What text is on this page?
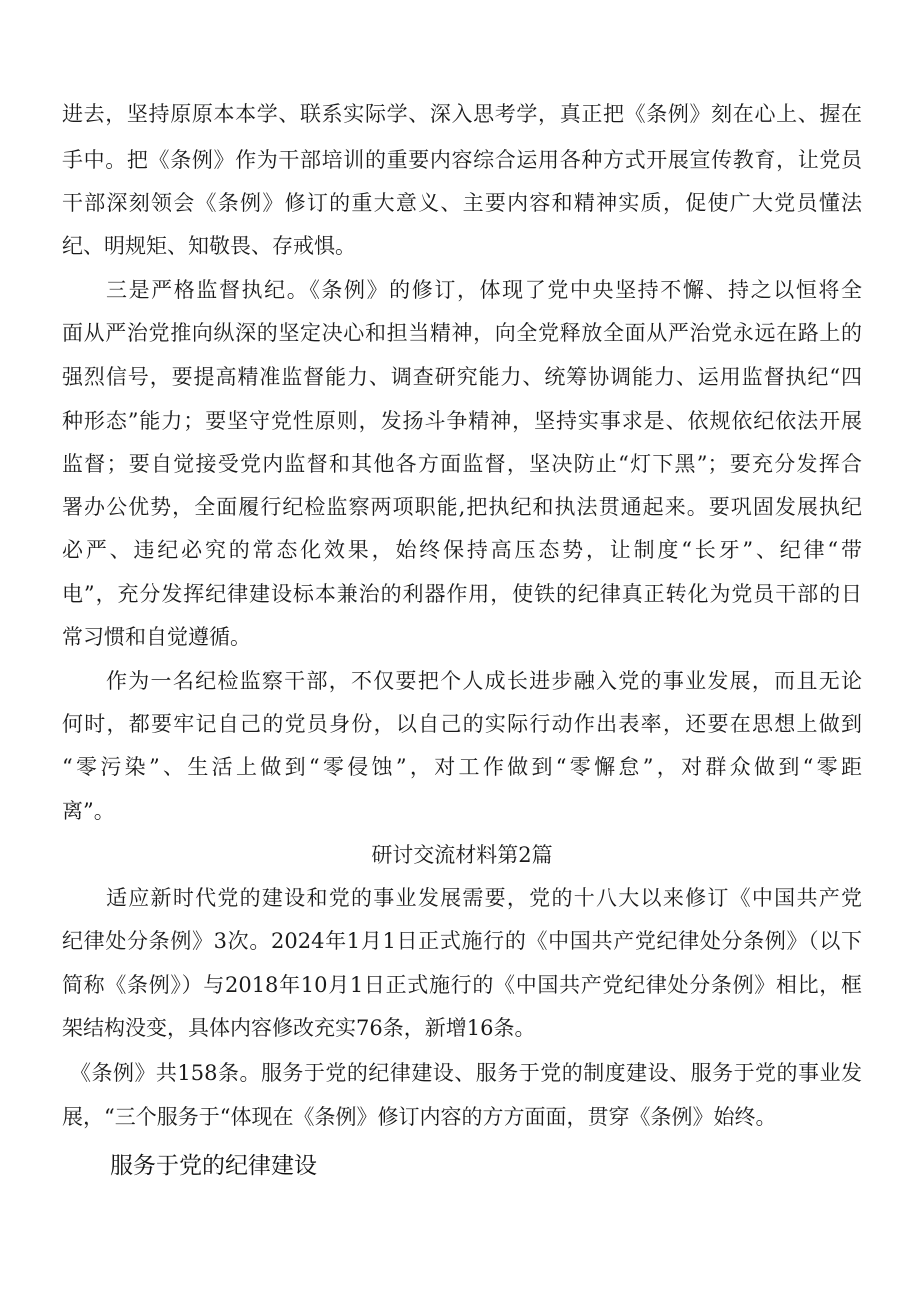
进去，坚持原原本本学、联系实际学、深入思考学，真正把《条例》刻在心上、握在
手中。把《条例》作为干部培训的重要内容综合运用各种方式开展宣传教育，让党员
干部深刻领会《条例》修订的重大意义、主要内容和精神实质，促使广大党员懂法
纪、明规矩、知敬畏、存戒惧。
三是严格监督执纪。《条例》的修订，体现了党中央坚持不懈、持之以恒将全
面从严治党推向纵深的坚定决心和担当精神，向全党释放全面从严治党永远在路上的
强烈信号，要提高精准监督能力、调查研究能力、统筹协调能力、运用监督执纪“四
种形态”能力；要坚守党性原则，发扬斗争精神，坚持实事求是、依规依纪依法开展
监督；要自觉接受党内监督和其他各方面监督，坚决防止“灯下黑”；要充分发挥合
署办公优势，全面履行纪检监察两项职能,把执纪和执法贯通起来。要巩固发展执纪
必严、违纪必究的常态化效果，始终保持高压态势，让制度“长牙”、纪律“带
电”，充分发挥纪律建设标本兼治的利器作用，使铁的纪律真正转化为党员干部的日
常习惯和自觉遵循。
作为一名纪检监察干部，不仅要把个人成长进步融入党的事业发展，而且无论
何时，都要牢记自己的党员身份，以自己的实际行动作出表率，还要在思想上做到
“零污染”、生活上做到“零侵蚀”，对工作做到“零懈怠”，对群众做到“零距
离”。
研讨交流材料第2篇
适应新时代党的建设和党的事业发展需要，党的十八大以来修订《中国共产党
纪律处分条例》3次。2024年1月1日正式施行的《中国共产党纪律处分条例》（以下
简称《条例》）与2018年10月1日正式施行的《中国共产党纪律处分条例》相比，框
架结构没变，具体内容修改充实76条，新增16条。
《条例》共158条。服务于党的纪律建设、服务于党的制度建设、服务于党的事业发
展，“三个服务于“体现在《条例》修订内容的方方面面，贯穿《条例》始终。
服务于党的纪律建设
